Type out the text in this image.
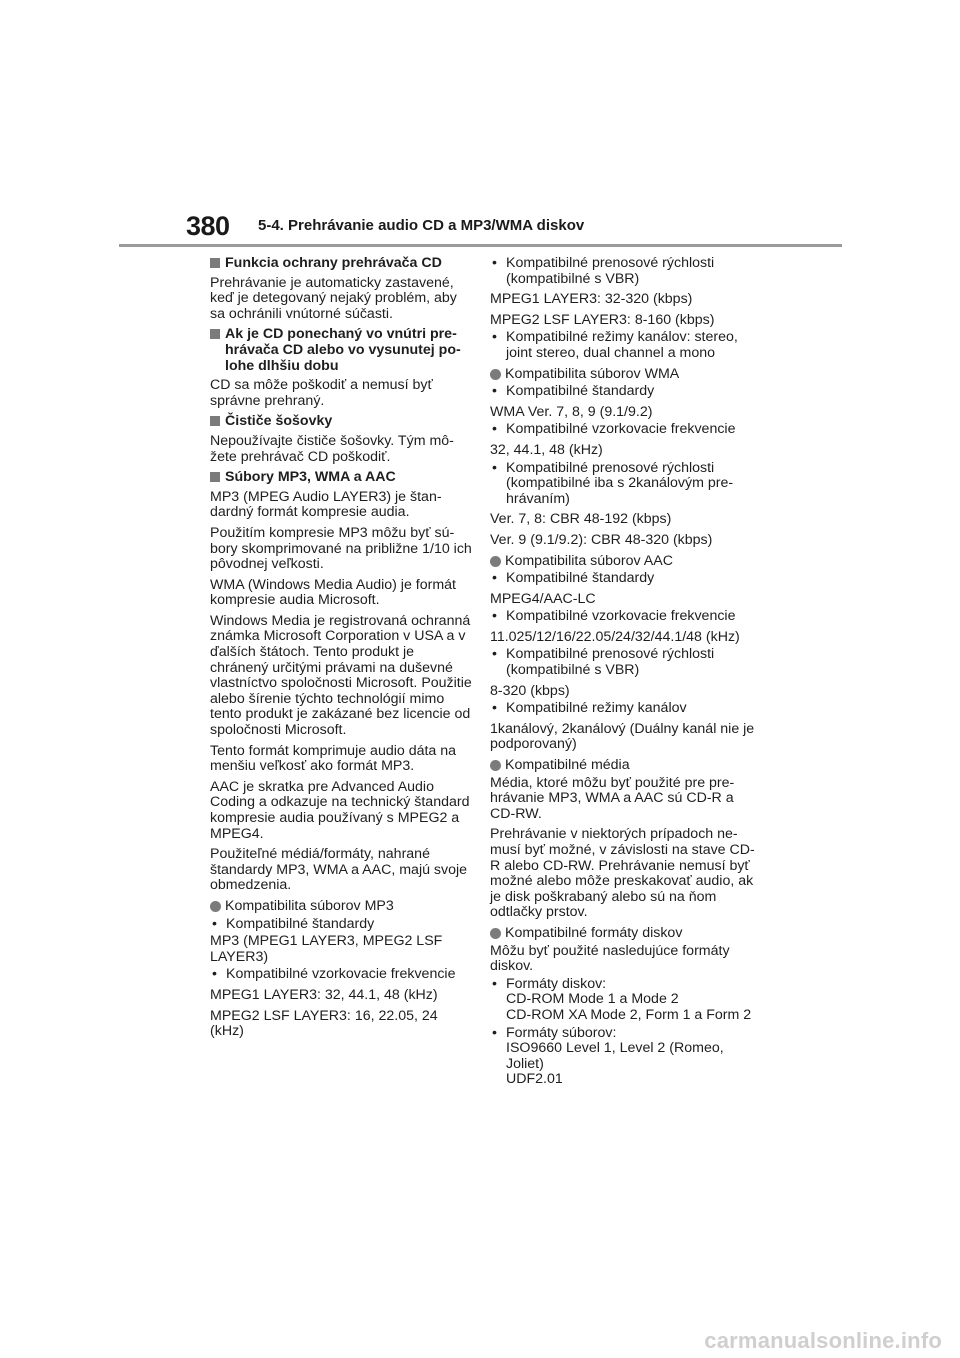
380 5-4. Prehrávanie audio CD a MP3/WMA diskov
Funkcia ochrany prehrávača CD

Prehrávanie je automaticky zastavené, keď je detegovaný nejaký problém, aby sa ochránili vnútorné súčasti.

Ak je CD ponechaný vo vnútri prehrávača CD alebo vo vysunutej polohe dlhšiu dobu

CD sa môže poškodiť a nemusí byť správne prehraný.

Čističe šošovky

Nepoužívajte čističe šošovky. Tým môžete prehrávač CD poškodiť.

Súbory MP3, WMA a AAC

MP3 (MPEG Audio LAYER3) je štandardný formát kompresie audia.

Použitím kompresie MP3 môžu byť súbory skomprimované na približne 1/10 ich pôvodnej veľkosti.

WMA (Windows Media Audio) je formát kompresie audia Microsoft.

Windows Media je registrovaná ochranná známka Microsoft Corporation v USA a v ďalších štátoch. Tento produkt je chránený určitými právami na duševné vlastníctvo spoločnosti Microsoft. Použitie alebo šírenie týchto technológií mimo tento produkt je zakázané bez licencie od spoločnosti Microsoft.

Tento formát komprimuje audio dáta na menšiu veľkosť ako formát MP3.

AAC je skratka pre Advanced Audio Coding a odkazuje na technický štandard kompresie audia používaný s MPEG2 a MPEG4.

Použiteľné médiá/formáty, nahrané štandardy MP3, WMA a AAC, majú svoje obmedzenia.

Kompatibilita súborov MP3
• Kompatibilné štandardy

MP3 (MPEG1 LAYER3, MPEG2 LSF LAYER3)

• Kompatibilné vzorkovacie frekvencie

MPEG1 LAYER3: 32, 44.1, 48 (kHz)

MPEG2 LSF LAYER3: 16, 22.05, 24 (kHz)

• Kompatibilné prenosové rýchlosti (kompatibilné s VBR)

MPEG1 LAYER3: 32-320 (kbps)

MPEG2 LSF LAYER3: 8-160 (kbps)

• Kompatibilné režimy kanálov: stereo, joint stereo, dual channel a mono
Kompatibilita súborov WMA
• Kompatibilné štandardy

WMA Ver. 7, 8, 9 (9.1/9.2)

• Kompatibilné vzorkovacie frekvencie

32, 44.1, 48 (kHz)

• Kompatibilné prenosové rýchlosti (kompatibilné iba s 2kanálovým prehrávaním)

Ver. 7, 8: CBR 48-192 (kbps)

Ver. 9 (9.1/9.2): CBR 48-320 (kbps)

Kompatibilita súborov AAC
• Kompatibilné štandardy

MPEG4/AAC-LC

• Kompatibilné vzorkovacie frekvencie

11.025/12/16/22.05/24/32/44.1/48 (kHz)

• Kompatibilné prenosové rýchlosti (kompatibilné s VBR)

8-320 (kbps)

• Kompatibilné režimy kanálov

1kanálový, 2kanálový (Duálny kanál nie je podporovaný)

Kompatibilné média

Média, ktoré môžu byť použité pre prehrávanie MP3, WMA a AAC sú CD-R a CD-RW.

Prehrávanie v niektorých prípadoch nemusí byť možné, v závislosti na stave CD-R alebo CD-RW. Prehrávanie nemusí byť možné alebo môže preskakovať audio, ak je disk poškrabaný alebo sú na ňom odtlačky prstov.

Kompatibilné formáty diskov

Môžu byť použité nasledujúce formáty diskov.

• Formáty diskov:
CD-ROM Mode 1 a Mode 2
CD-ROM XA Mode 2, Form 1 a Form 2
• Formáty súborov:
ISO9660 Level 1, Level 2 (Romeo, Joliet)
UDF2.01
carmanualsonline.info
